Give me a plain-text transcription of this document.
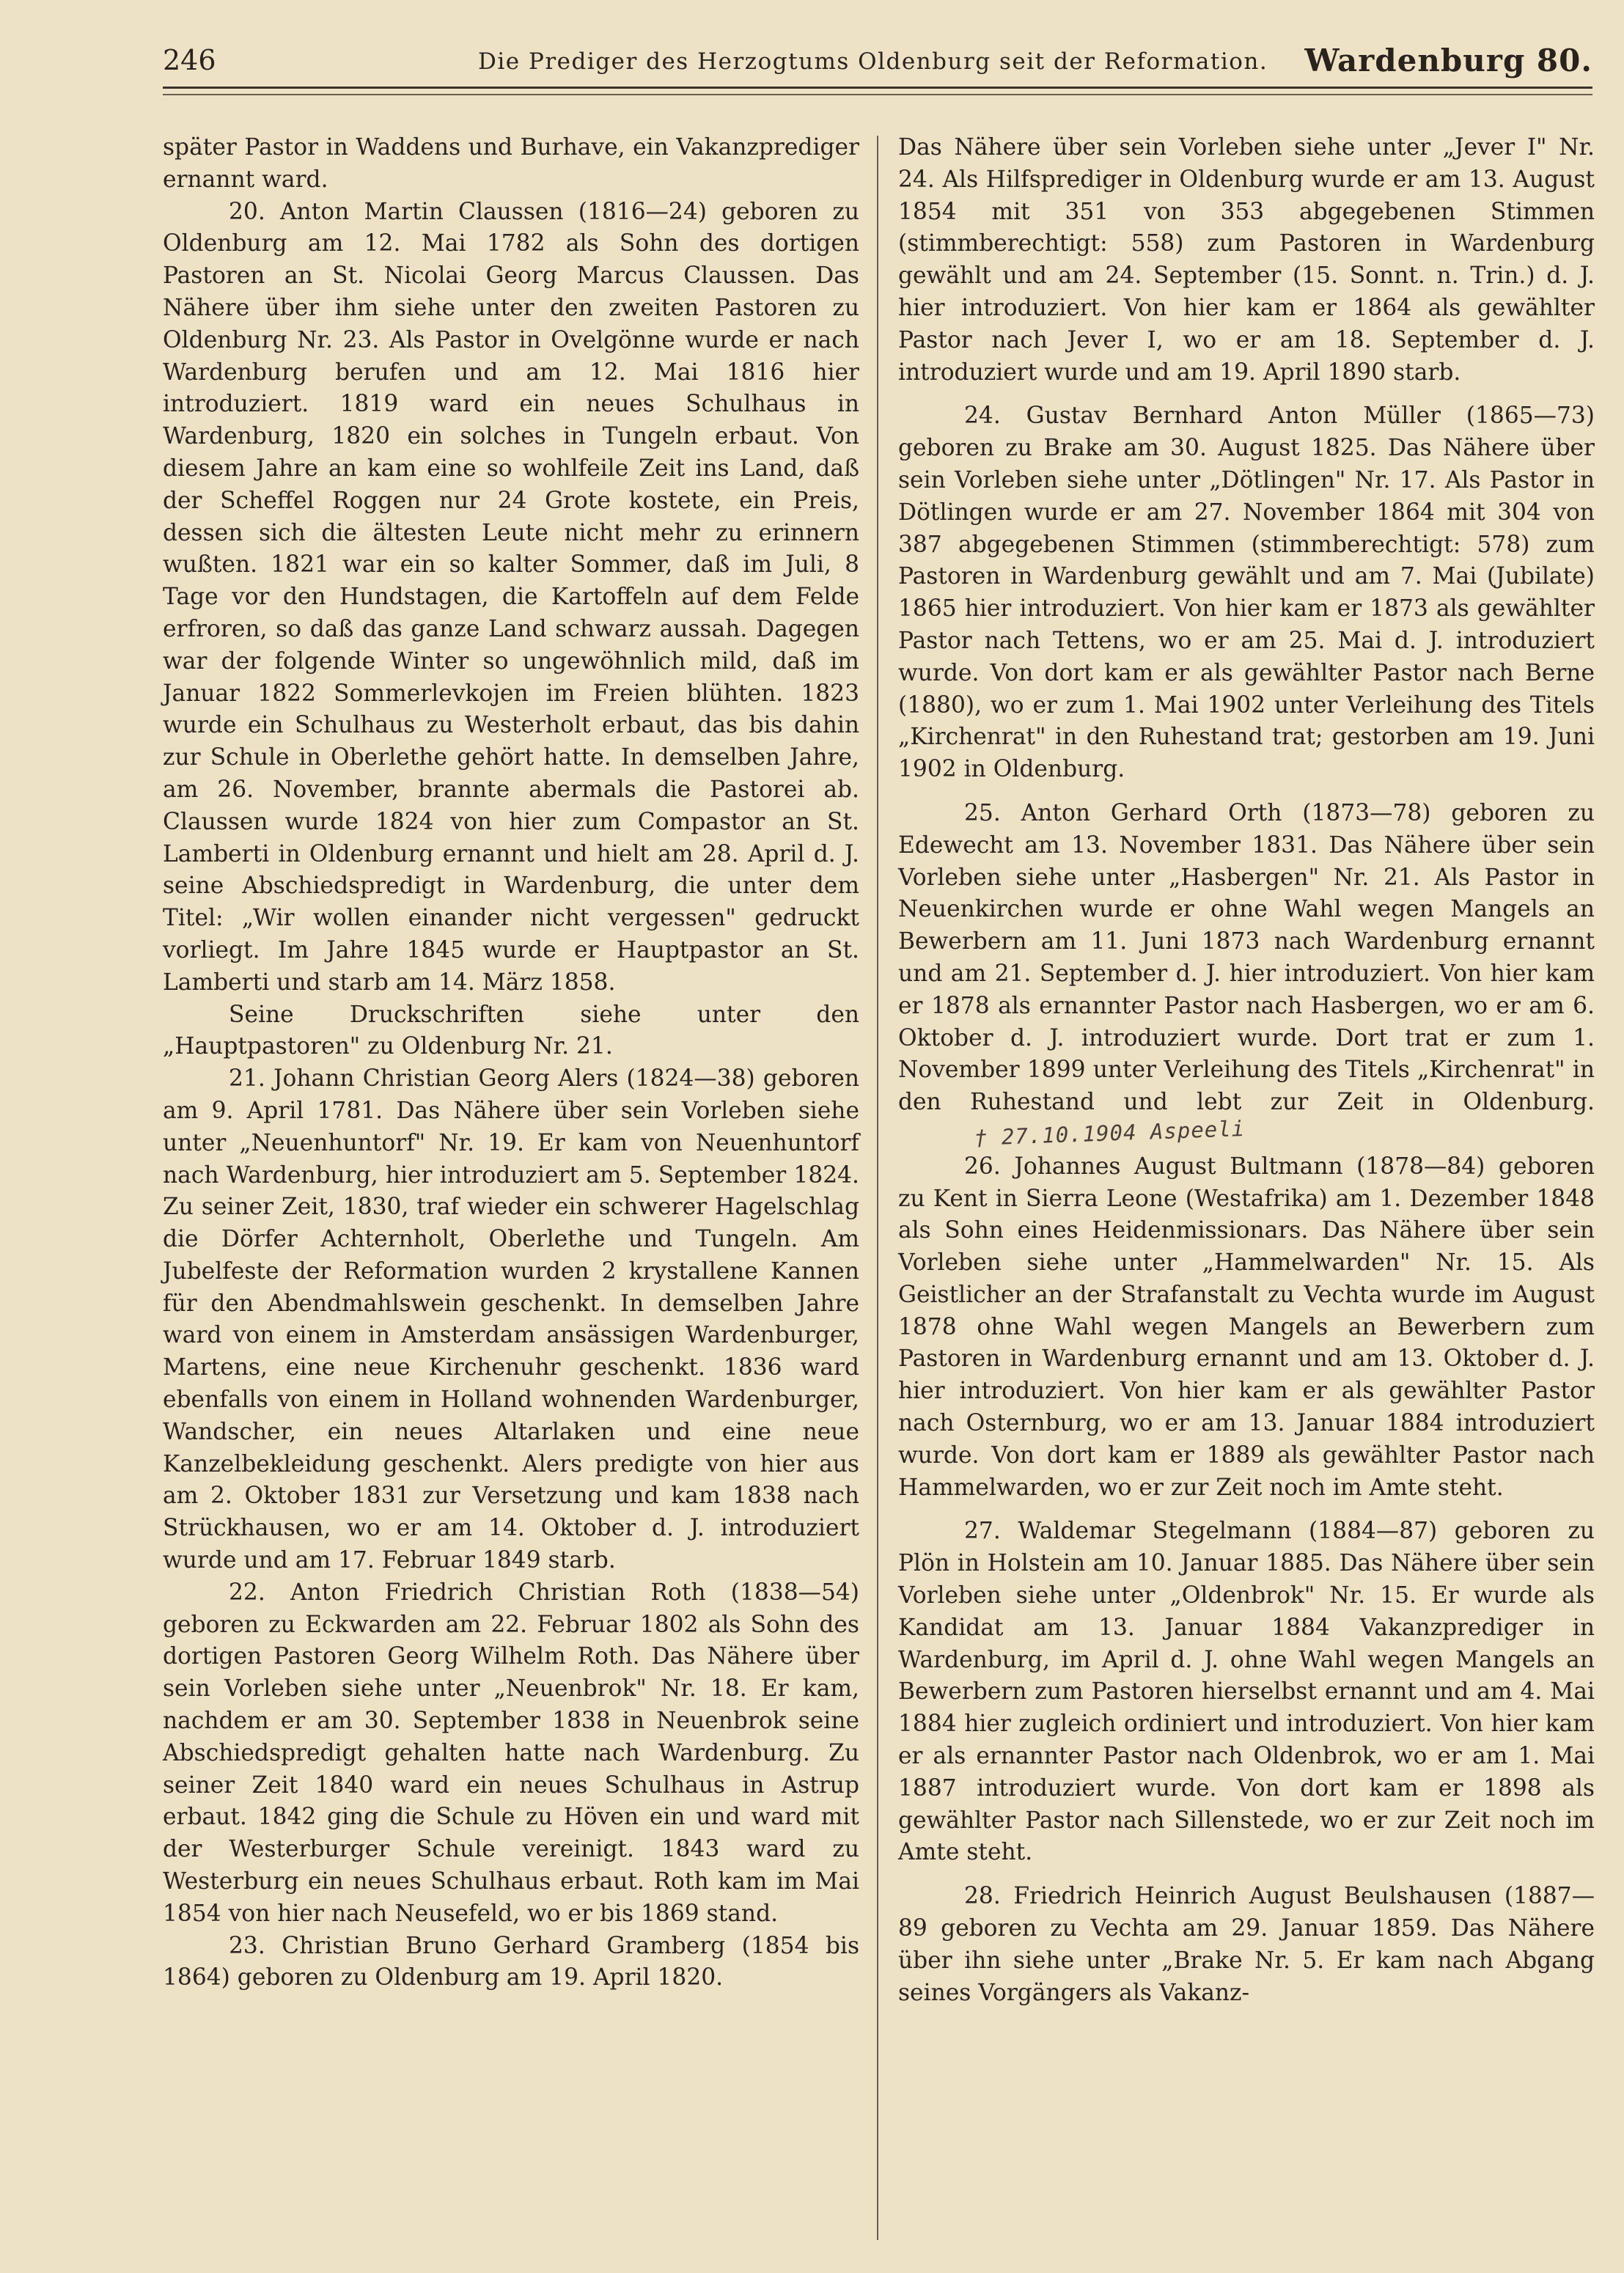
246	Die Prediger des Herzogtums Oldenburg seit der Reformation. Wardenburg 80.

später Pastor in Waddens und Burhave, ein Vakanzprediger ernannt ward.

20. Anton Martin Claussen (1816—24) geboren zu Oldenburg am 12. Mai 1782 als Sohn des dortigen Pastoren an St. Nicolai Georg Marcus Claussen. Das Nähere über ihm siehe unter den zweiten Pastoren zu Oldenburg Nr. 23. Als Pastor in Ovelgönne wurde er nach Wardenburg berufen und am 12. Mai 1816 hier introduziert. 1819 ward ein neues Schulhaus in Wardenburg, 1820 ein solches in Tungeln erbaut. Von diesem Jahre an kam eine so wohlfeile Zeit ins Land, daß der Scheffel Roggen nur 24 Grote kostete, ein Preis, dessen sich die ältesten Leute nicht mehr zu erinnern wußten. 1821 war ein so kalter Sommer, daß im Juli, 8 Tage vor den Hundstagen, die Kartoffeln auf dem Felde erfroren, so daß das ganze Land schwarz aussah. Dagegen war der folgende Winter so ungewöhnlich mild, daß im Januar 1822 Sommerlevkojen im Freien blühten. 1823 wurde ein Schulhaus zu Westerholt erbaut, das bis dahin zur Schule in Oberlethe gehört hatte. In demselben Jahre, am 26. November, brannte abermals die Pastorei ab. Claussen wurde 1824 von hier zum Compastor an St. Lamberti in Oldenburg ernannt und hielt am 28. April d. J. seine Abschiedspredigt in Wardenburg, die unter dem Titel: „Wir wollen einander nicht vergessen" gedruckt vorliegt. Im Jahre 1845 wurde er Hauptpastor an St. Lamberti und starb am 14. März 1858.

Seine Druckschriften siehe unter den „Hauptpastoren" zu Oldenburg Nr. 21.

21. Johann Christian Georg Alers (1824—38) geboren am 9. April 1781. Das Nähere über sein Vorleben siehe unter „Neuenhuntorf" Nr. 19. Er kam von Neuenhuntorf nach Wardenburg, hier introduziert am 5. September 1824. Zu seiner Zeit, 1830, traf wieder ein schwerer Hagelschlag die Dörfer Achternholt, Oberlethe und Tungeln. Am Jubelfeste der Reformation wurden 2 krystallene Kannen für den Abendmahlswein geschenkt. In demselben Jahre ward von einem in Amsterdam ansässigen Wardenburger, Martens, eine neue Kirchenuhr geschenkt. 1836 ward ebenfalls von einem in Holland wohnenden Wardenburger, Wandscher, ein neues Altarlaken und eine neue Kanzelbekleidung geschenkt. Alers predigte von hier aus am 2. Oktober 1831 zur Versetzung und kam 1838 nach Strückhausen, wo er am 14. Oktober d. J. introduziert wurde und am 17. Februar 1849 starb.

22. Anton Friedrich Christian Roth (1838—54) geboren zu Eckwarden am 22. Februar 1802 als Sohn des dortigen Pastoren Georg Wilhelm Roth. Das Nähere über sein Vorleben siehe unter „Neuenbrok" Nr. 18. Er kam, nachdem er am 30. September 1838 in Neuenbrok seine Abschiedspredigt gehalten hatte nach Wardenburg. Zu seiner Zeit 1840 ward ein neues Schulhaus in Astrup erbaut. 1842 ging die Schule zu Höven ein und ward mit der Westerburger Schule vereinigt. 1843 ward zu Westerburg ein neues Schulhaus erbaut. Roth kam im Mai 1854 von hier nach Neusefeld, wo er bis 1869 stand.

23. Christian Bruno Gerhard Gramberg (1854 bis 1864) geboren zu Oldenburg am 19. April 1820.

Das Nähere über sein Vorleben siehe unter „Jever I" Nr. 24. Als Hilfsprediger in Oldenburg wurde er am 13. August 1854 mit 351 von 353 abgegebenen Stimmen (stimmberechtigt: 558) zum Pastoren in Wardenburg gewählt und am 24. September (15. Sonnt. n. Trin.) d. J. hier introduziert. Von hier kam er 1864 als gewählter Pastor nach Jever I, wo er am 18. September d. J. introduziert wurde und am 19. April 1890 starb.

24. Gustav Bernhard Anton Müller (1865—73) geboren zu Brake am 30. August 1825. Das Nähere über sein Vorleben siehe unter „Dötlingen" Nr. 17. Als Pastor in Dötlingen wurde er am 27. November 1864 mit 304 von 387 abgegebenen Stimmen (stimmberechtigt: 578) zum Pastoren in Wardenburg gewählt und am 7. Mai (Jubilate) 1865 hier introduziert. Von hier kam er 1873 als gewählter Pastor nach Tettens, wo er am 25. Mai d. J. introduziert wurde. Von dort kam er als gewählter Pastor nach Berne (1880), wo er zum 1. Mai 1902 unter Verleihung des Titels „Kirchenrat" in den Ruhestand trat; gestorben am 19. Juni 1902 in Oldenburg.

25. Anton Gerhard Orth (1873—78) geboren zu Edewecht am 13. November 1831. Das Nähere über sein Vorleben siehe unter „Hasbergen" Nr. 21. Als Pastor in Neuenkirchen wurde er ohne Wahl wegen Mangels an Bewerbern am 11. Juni 1873 nach Wardenburg ernannt und am 21. September d. J. hier introduziert. Von hier kam er 1878 als ernannter Pastor nach Hasbergen, wo er am 6. Oktober d. J. introduziert wurde. Dort trat er zum 1. November 1899 unter Verleihung des Titels „Kirchenrat" in den Ruhestand und lebt zur Zeit in Oldenburg.† 27.10.1904 Aspeeli

26. Johannes August Bultmann (1878—84) geboren zu Kent in Sierra Leone (Westafrika) am 1. Dezember 1848 als Sohn eines Heidenmissionars. Das Nähere über sein Vorleben siehe unter „Hammelwarden" Nr. 15. Als Geistlicher an der Strafanstalt zu Vechta wurde im August 1878 ohne Wahl wegen Mangels an Bewerbern zum Pastoren in Wardenburg ernannt und am 13. Oktober d. J. hier introduziert. Von hier kam er als gewählter Pastor nach Osternburg, wo er am 13. Januar 1884 introduziert wurde. Von dort kam er 1889 als gewählter Pastor nach Hammelwarden, wo er zur Zeit noch im Amte steht.

27. Waldemar Stegelmann (1884—87) geboren zu Plön in Holstein am 10. Januar 1885. Das Nähere über sein Vorleben siehe unter „Oldenbrok" Nr. 15. Er wurde als Kandidat am 13. Januar 1884 Vakanzprediger in Wardenburg, im April d. J. ohne Wahl wegen Mangels an Bewerbern zum Pastoren hierselbst ernannt und am 4. Mai 1884 hier zugleich ordiniert und introduziert. Von hier kam er als ernannter Pastor nach Oldenbrok, wo er am 1. Mai 1887 introduziert wurde. Von dort kam er 1898 als gewählter Pastor nach Sillenstede, wo er zur Zeit noch im Amte steht.

28. Friedrich Heinrich August Beulshausen (1887—89 geboren zu Vechta am 29. Januar 1859. Das Nähere über ihn siehe unter „Brake Nr. 5. Er kam nach Abgang seines Vorgängers als Vakanz-
